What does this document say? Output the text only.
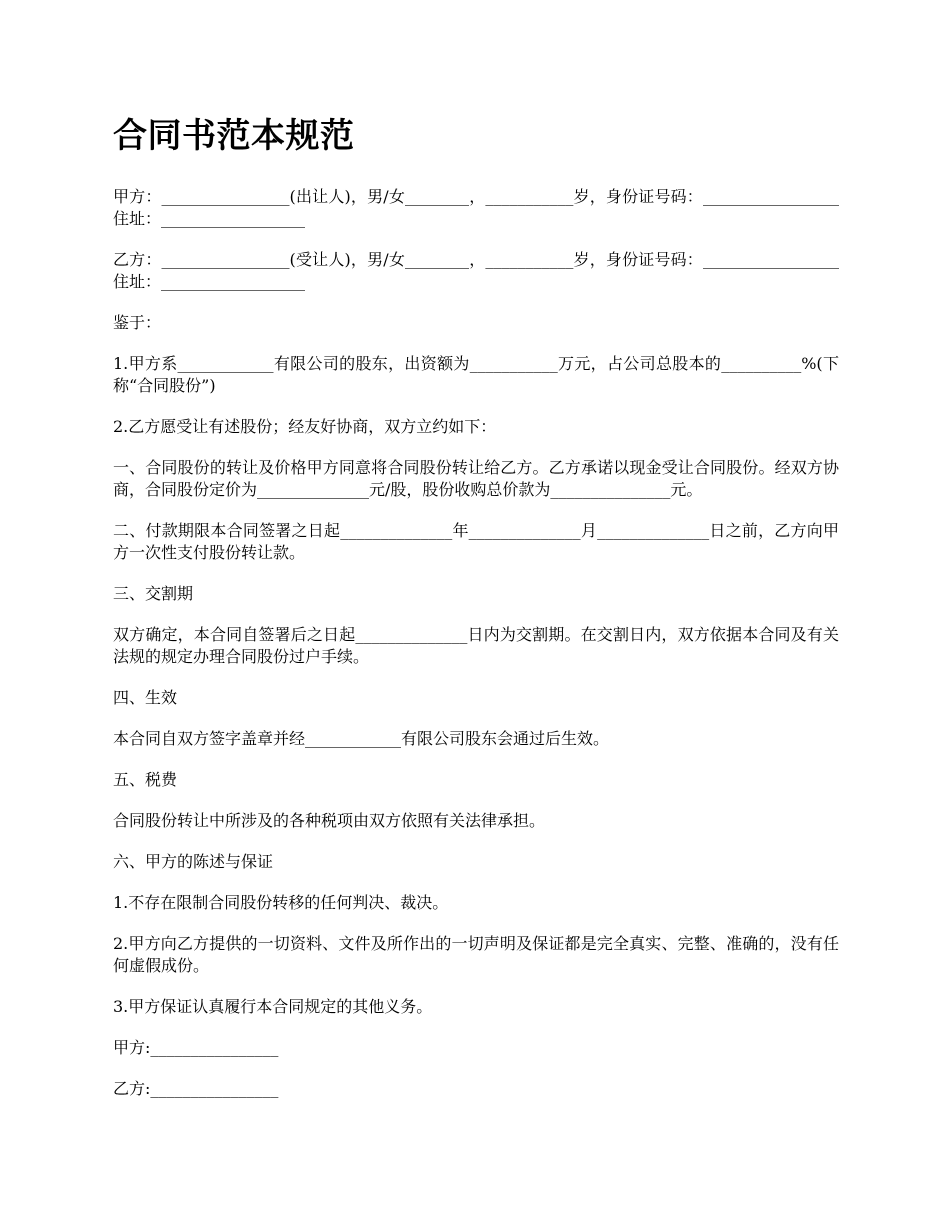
合同书范本规范

甲方：________________(出让人)，男/女________，___________岁，身份证号码：_________________住址：__________________

乙方：________________(受让人)，男/女________，___________岁，身份证号码：_________________住址：__________________

鉴于：

1.甲方系____________有限公司的股东，出资额为___________万元，占公司总股本的__________%(下称“合同股份”)

2.乙方愿受让有述股份；经友好协商，双方立约如下：

一、合同股份的转让及价格甲方同意将合同股份转让给乙方。乙方承诺以现金受让合同股份。经双方协商，合同股份定价为______________元/股，股份收购总价款为_______________元。

二、付款期限本合同签署之日起______________年______________月______________日之前，乙方向甲方一次性支付股份转让款。

三、交割期

双方确定，本合同自签署后之日起______________日内为交割期。在交割日内，双方依据本合同及有关法规的规定办理合同股份过户手续。

四、生效

本合同自双方签字盖章并经____________有限公司股东会通过后生效。

五、税费

合同股份转让中所涉及的各种税项由双方依照有关法律承担。

六、甲方的陈述与保证

1.不存在限制合同股份转移的任何判决、裁决。

2.甲方向乙方提供的一切资料、文件及所作出的一切声明及保证都是完全真实、完整、准确的，没有任何虚假成份。

3.甲方保证认真履行本合同规定的其他义务。

甲方:________________

乙方:________________
